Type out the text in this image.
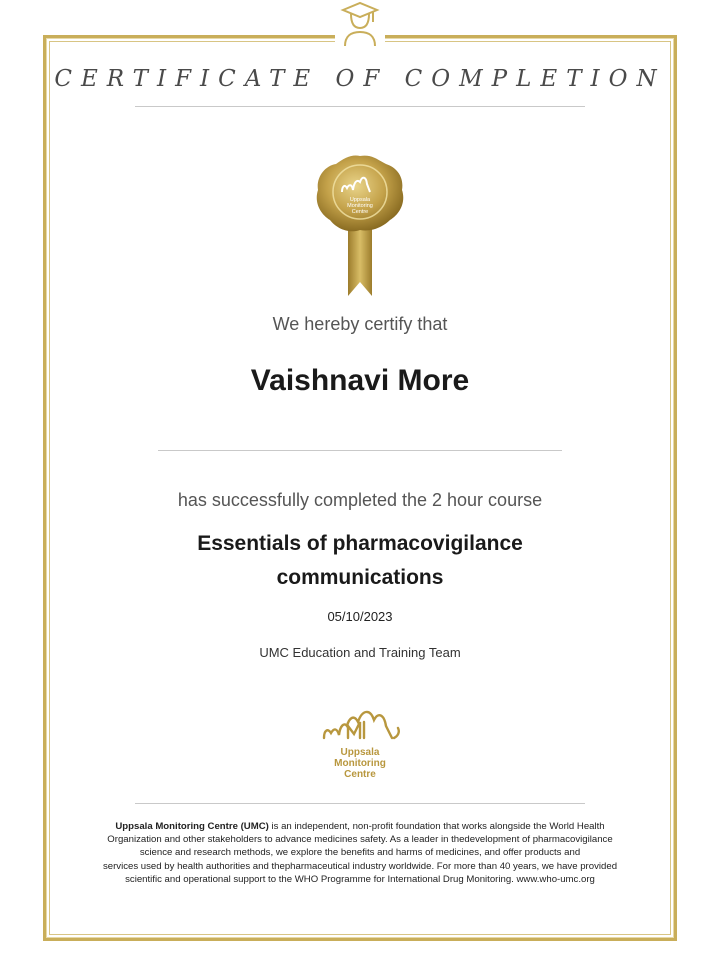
CERTIFICATE OF COMPLETION
Uppsala
Monitoring
Centre
We hereby certify that
Vaishnavi More
has successfully completed the 2 hour course
Essentials of pharmacovigilance
communications
05/10/2023
UMC Education and Training Team
Uppsala
Monitoring
Centre
Uppsala Monitoring Centre (UMC) is an independent, non-profit foundation that works alongside the World Health
Organization and other stakeholders to advance medicines safety. As a leader in thedevelopment of pharmacovigilance
science and research methods, we explore the benefits and harms of medicines, and offer products and
services used by health authorities and thepharmaceutical industry worldwide. For more than 40 years, we have provided
scientific and operational support to the WHO Programme for International Drug Monitoring. www.who-umc.org
